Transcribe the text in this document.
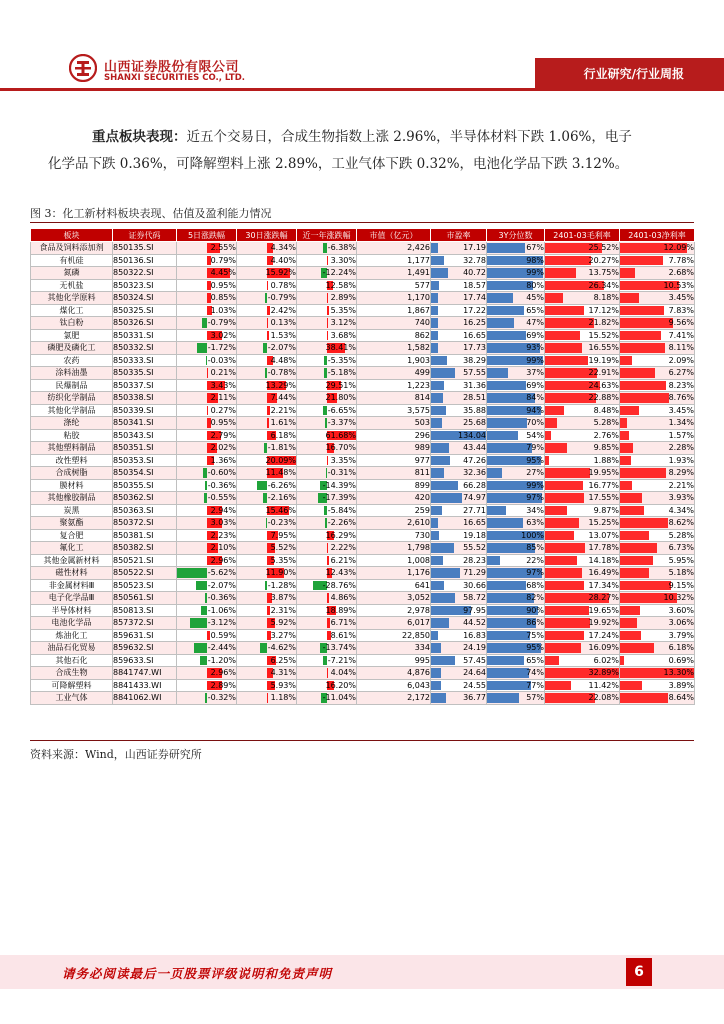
山西证券股份有限公司
SHANXI SECURITIES CO., LTD.	行业研究/行业周报
重点板块表现：近五个交易日，合成生物指数上涨 2.96%，半导体材料下跌 1.06%，电子
化学品下跌 0.36%，可降解塑料上涨 2.89%，工业气体下跌 0.32%，电池化学品下跌 3.12%。
图 3：化工新材料板块表现、估值及盈利能力情况
板块	证券代码	5日涨跌幅	30日涨跌幅	近一年涨跌幅	市值（亿元）	市盈率	3Y分位数	2401-03毛利率	2401-03净利率
食品及饲料添加剂	850135.SI	2.55%	4.34%	-6.38%	2,426	17.19	67%	25.52%	12.09%
有机硅	850136.SI	0.79%	4.40%	3.30%	1,177	32.78	98%	20.27%	7.78%
氮磷	850322.SI	4.45%	15.92%	-12.24%	1,491	40.72	99%	13.75%	2.68%
无机盐	850323.SI	0.95%	0.78%	12.58%	577	18.57	80%	26.34%	10.53%
其他化学原料	850324.SI	0.85%	-0.79%	2.89%	1,170	17.74	45%	8.18%	3.45%
煤化工	850325.SI	1.03%	2.42%	5.35%	1,867	17.22	65%	17.12%	7.83%
钛白粉	850326.SI	-0.79%	0.13%	3.12%	740	16.25	47%	21.82%	9.56%
氯肥	850331.SI	3.02%	1.53%	3.68%	862	16.65	69%	15.52%	7.41%
磷肥及磷化工	850332.SI	-1.72%	-2.07%	38.41%	1,582	17.73	93%	16.55%	8.11%
农药	850333.SI	-0.03%	4.48%	-5.35%	1,903	38.29	99%	19.19%	2.09%
涂料油墨	850335.SI	0.21%	-0.78%	-5.18%	499	57.55	37%	22.91%	6.27%
民爆制品	850337.SI	3.43%	13.29%	29.51%	1,223	31.36	69%	24.63%	8.23%
纺织化学制品	850338.SI	2.11%	7.44%	21.80%	814	28.51	84%	22.88%	8.76%
其他化学制品	850339.SI	0.27%	2.21%	-6.65%	3,575	35.88	94%	8.48%	3.45%
涤纶	850341.SI	0.95%	1.61%	-3.37%	503	25.68	70%	5.28%	1.34%
粘胶	850343.SI	2.79%	6.18%	61.68%	296	134.04	54%	2.76%	1.57%
其他塑料制品	850351.SI	2.02%	-1.81%	16.70%	989	43.44	79%	9.85%	2.28%
改性塑料	850353.SI	1.36%	20.09%	3.35%	977	47.26	95%	1.88%	1.93%
合成树脂	850354.SI	-0.60%	11.48%	-0.31%	811	32.36	27%	19.95%	8.29%
膜材料	850355.SI	-0.36%	-6.26%	-14.39%	899	66.28	99%	16.77%	2.21%
其他橡胶制品	850362.SI	-0.55%	-2.16%	-17.39%	420	74.97	97%	17.55%	3.93%
炭黑	850363.SI	2.94%	15.46%	-5.84%	259	27.71	34%	9.87%	4.34%
聚氨酯	850372.SI	3.03%	-0.23%	-2.26%	2,610	16.65	63%	15.25%	8.62%
复合肥	850381.SI	2.23%	7.95%	16.29%	730	19.18	100%	13.07%	5.28%
氟化工	850382.SI	2.10%	5.52%	2.22%	1,798	55.52	85%	17.78%	6.73%
其他金属新材料	850521.SI	2.96%	5.35%	6.21%	1,008	28.23	22%	14.18%	5.95%
磁性材料	850522.SI	-5.62%	11.90%	12.43%	1,176	71.29	97%	16.49%	5.18%
非金属材料Ⅲ	850523.SI	-2.07%	-1.28%	-28.76%	641	30.66	68%	17.34%	9.15%
电子化学品Ⅲ	850561.SI	-0.36%	3.87%	4.86%	3,052	58.72	82%	28.27%	10.32%
半导体材料	850813.SI	-1.06%	2.31%	18.89%	2,978	97.95	90%	19.65%	3.60%
电池化学品	857372.SI	-3.12%	5.92%	6.71%	6,017	44.52	86%	19.92%	3.06%
炼油化工	859631.SI	0.59%	3.27%	8.61%	22,850	16.83	75%	17.24%	3.79%
油品石化贸易	859632.SI	-2.44%	-4.62%	-13.74%	334	24.19	95%	16.09%	6.18%
其他石化	859633.SI	-1.20%	6.25%	-7.21%	995	57.45	65%	6.02%	0.69%
合成生物	8841747.WI	2.96%	4.31%	4.04%	4,876	24.64	74%	32.89%	13.30%
可降解塑料	8841433.WI	2.89%	5.93%	16.20%	6,043	24.55	77%	11.42%	3.89%
工业气体	8841062.WI	-0.32%	1.18%	-11.04%	2,172	36.77	57%	22.08%	8.64%
资料来源：Wind，山西证券研究所
请务必阅读最后一页股票评级说明和免责声明	6
